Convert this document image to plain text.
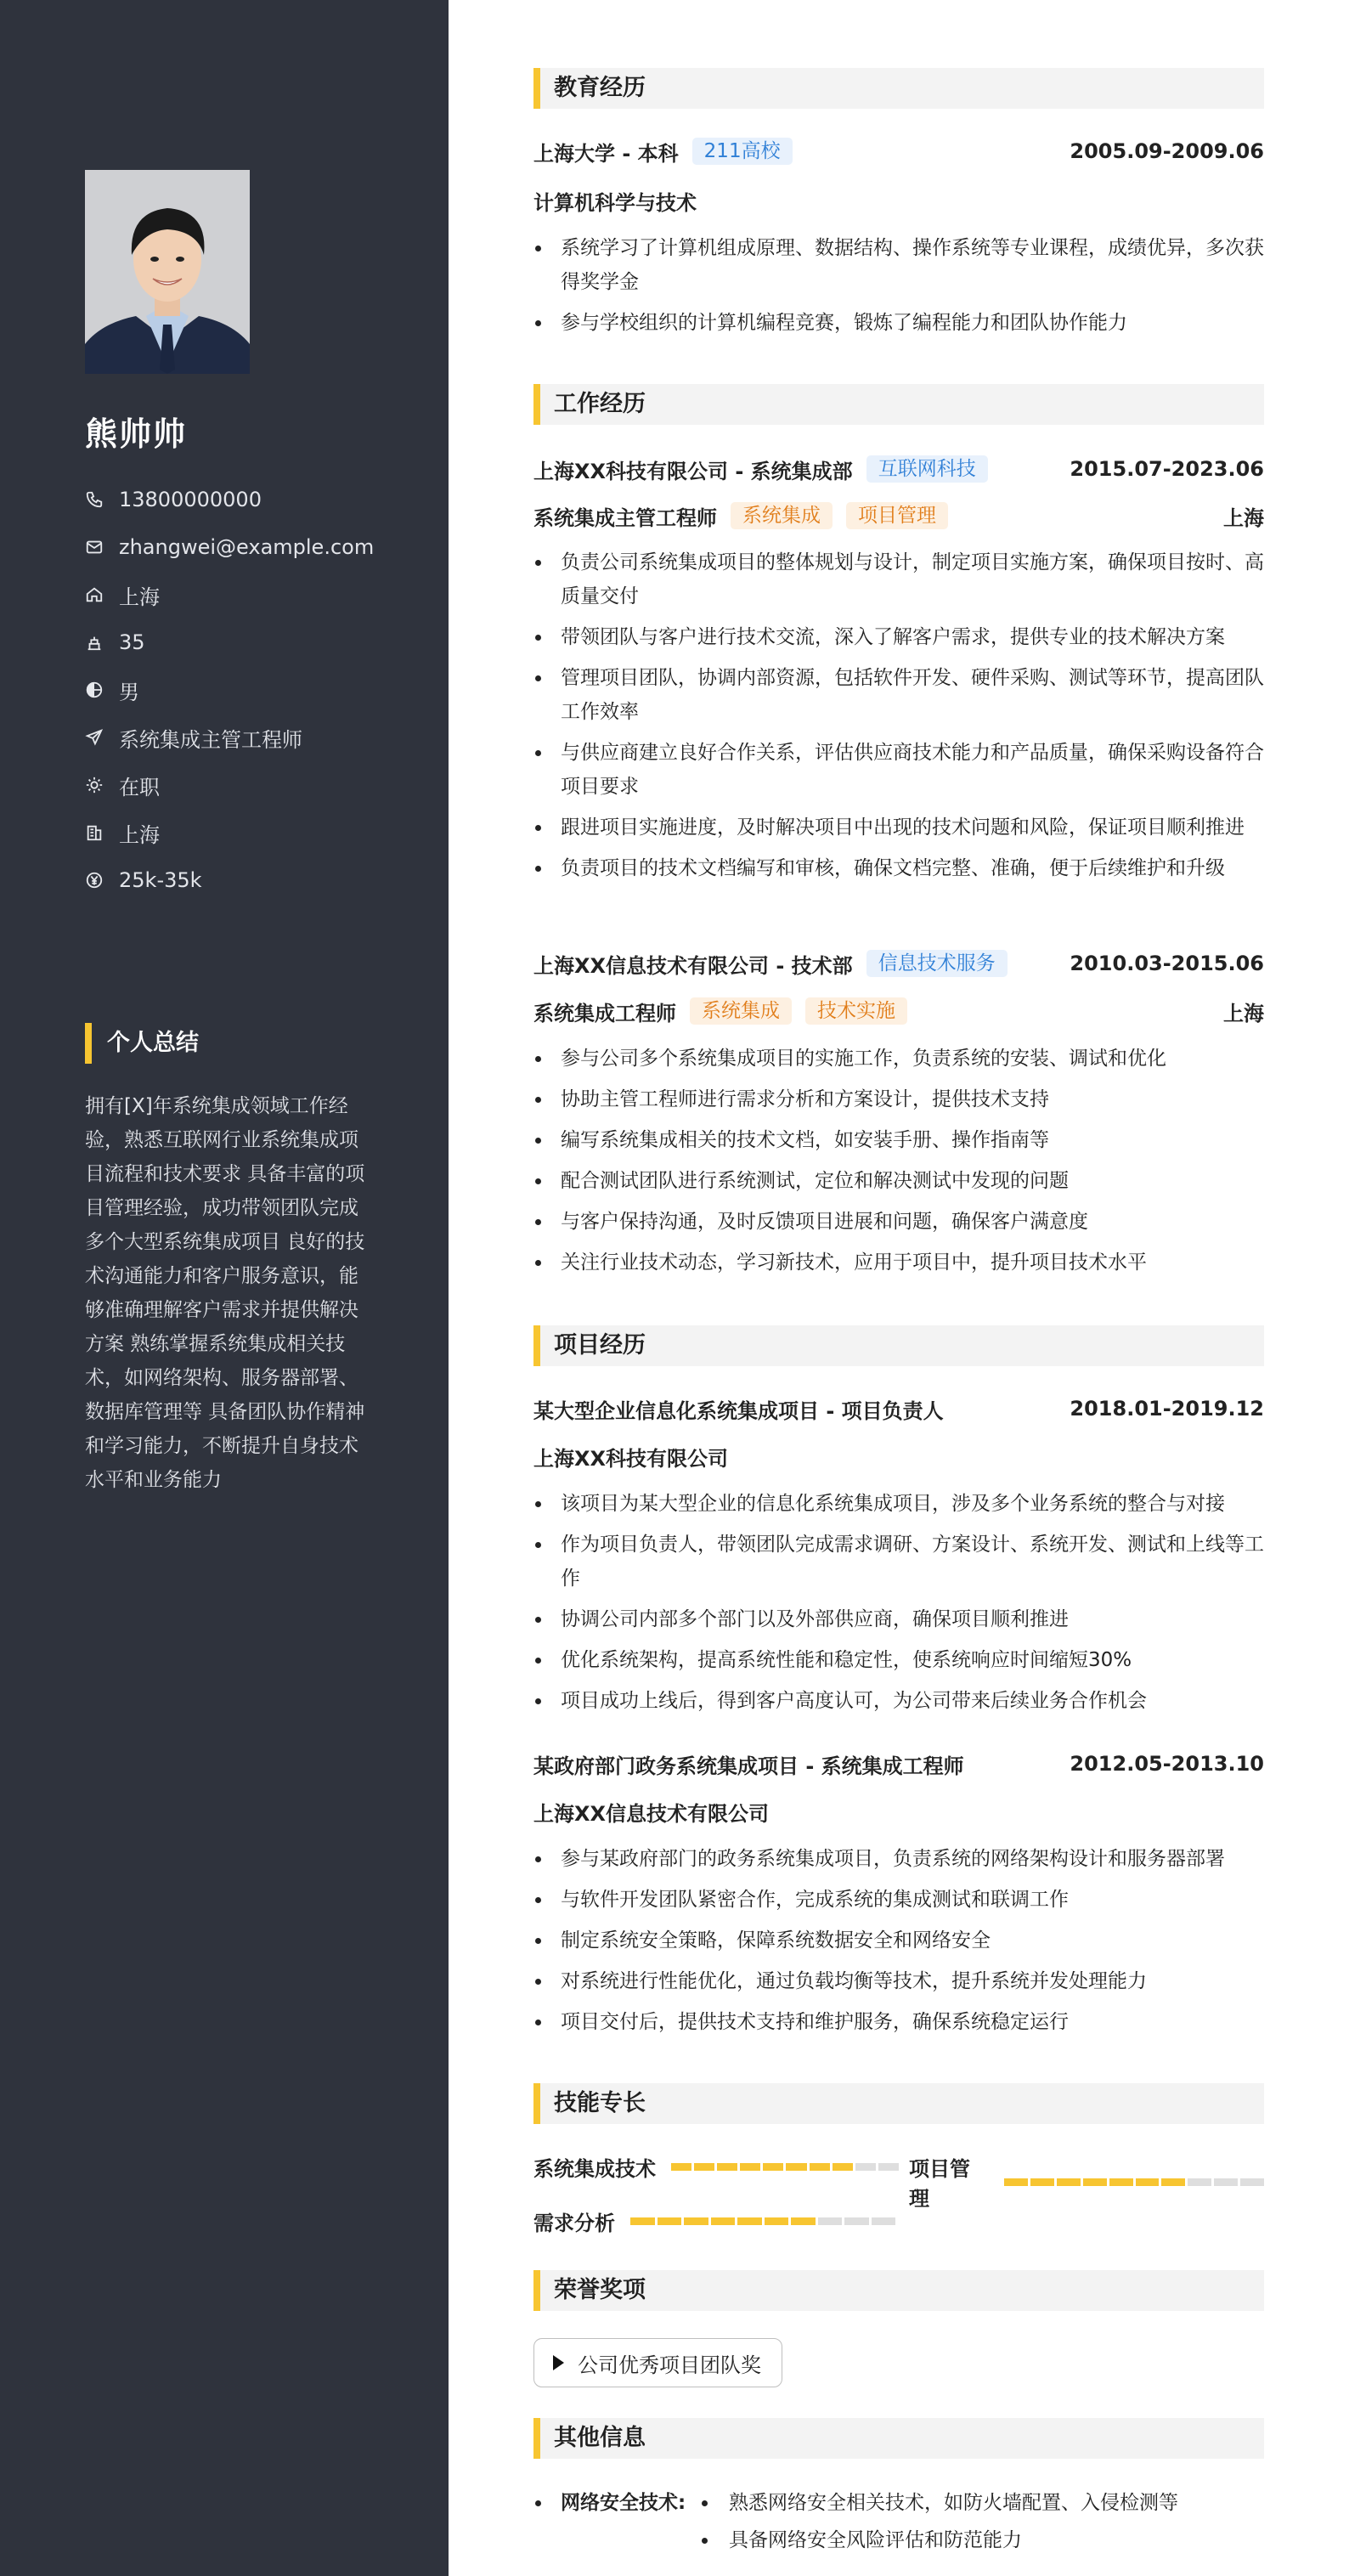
熊帅帅
13800000000
zhangwei@example.com
上海
35
男
系统集成主管工程师
在职
上海
25k-35k
个人总结
拥有[X]年系统集成领域工作经验，熟悉互联网行业系统集成项目流程和技术要求 具备丰富的项目管理经验，成功带领团队完成多个大型系统集成项目 良好的技术沟通能力和客户服务意识，能够准确理解客户需求并提供解决方案 熟练掌握系统集成相关技术，如网络架构、服务器部署、数据库管理等 具备团队协作精神和学习能力，不断提升自身技术水平和业务能力
教育经历
上海大学 - 本科	211高校	2005.09-2009.06
计算机科学与技术
系统学习了计算机组成原理、数据结构、操作系统等专业课程，成绩优异，多次获得奖学金
参与学校组织的计算机编程竞赛，锻炼了编程能力和团队协作能力
工作经历
上海XX科技有限公司 - 系统集成部	互联网科技	2015.07-2023.06
系统集成主管工程师	系统集成	项目管理	上海
负责公司系统集成项目的整体规划与设计，制定项目实施方案，确保项目按时、高质量交付
带领团队与客户进行技术交流，深入了解客户需求，提供专业的技术解决方案
管理项目团队，协调内部资源，包括软件开发、硬件采购、测试等环节，提高团队工作效率
与供应商建立良好合作关系，评估供应商技术能力和产品质量，确保采购设备符合项目要求
跟进项目实施进度，及时解决项目中出现的技术问题和风险，保证项目顺利推进
负责项目的技术文档编写和审核，确保文档完整、准确，便于后续维护和升级
上海XX信息技术有限公司 - 技术部	信息技术服务	2010.03-2015.06
系统集成工程师	系统集成	技术实施	上海
参与公司多个系统集成项目的实施工作，负责系统的安装、调试和优化
协助主管工程师进行需求分析和方案设计，提供技术支持
编写系统集成相关的技术文档，如安装手册、操作指南等
配合测试团队进行系统测试，定位和解决测试中发现的问题
与客户保持沟通，及时反馈项目进展和问题，确保客户满意度
关注行业技术动态，学习新技术，应用于项目中，提升项目技术水平
项目经历
某大型企业信息化系统集成项目 - 项目负责人	2018.01-2019.12
上海XX科技有限公司
该项目为某大型企业的信息化系统集成项目，涉及多个业务系统的整合与对接
作为项目负责人，带领团队完成需求调研、方案设计、系统开发、测试和上线等工作
协调公司内部多个部门以及外部供应商，确保项目顺利推进
优化系统架构，提高系统性能和稳定性，使系统响应时间缩短30%
项目成功上线后，得到客户高度认可，为公司带来后续业务合作机会
某政府部门政务系统集成项目 - 系统集成工程师	2012.05-2013.10
上海XX信息技术有限公司
参与某政府部门的政务系统集成项目，负责系统的网络架构设计和服务器部署
与软件开发团队紧密合作，完成系统的集成测试和联调工作
制定系统安全策略，保障系统数据安全和网络安全
对系统进行性能优化，通过负载均衡等技术，提升系统并发处理能力
项目交付后，提供技术支持和维护服务，确保系统稳定运行
技能专长
系统集成技术	项目管理
需求分析
荣誉奖项
公司优秀项目团队奖
其他信息
网络安全技术: 熟悉网络安全相关技术，如防火墙配置、入侵检测等
具备网络安全风险评估和防范能力
